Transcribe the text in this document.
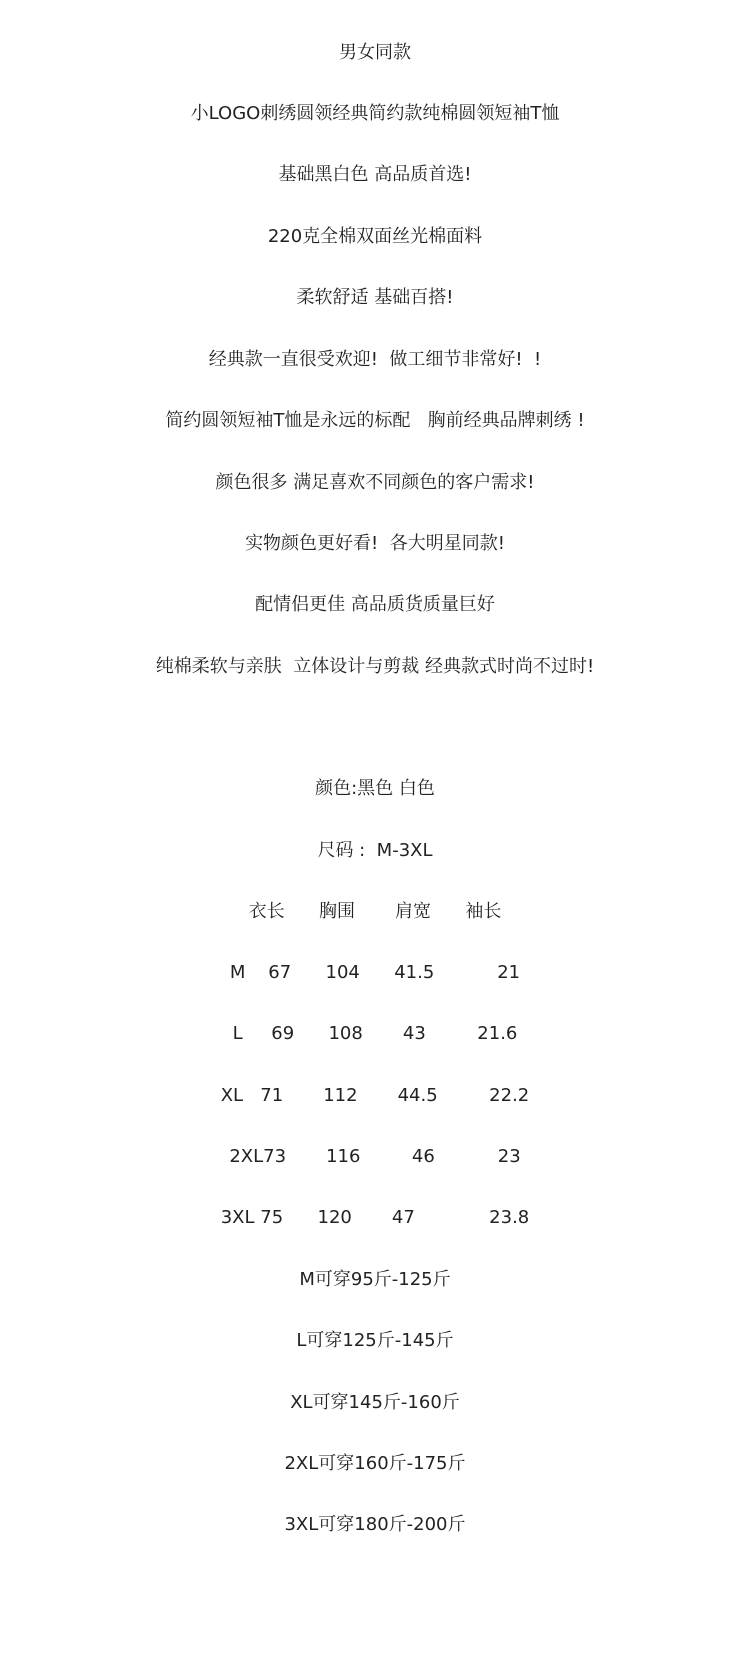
男女同款
小LOGO刺绣圆领经典简约款纯棉圆领短袖T恤
基础黑白色 高品质首选!
220克全棉双面丝光棉面料
柔软舒适 基础百搭!
经典款一直很受欢迎!  做工细节非常好!  !
简约圆领短袖T恤是永远的标配   胸前经典品牌刺绣 !
颜色很多 满足喜欢不同颜色的客户需求!
实物颜色更好看!  各大明星同款!
配情侣更佳 高品质货质量巨好
纯棉柔软与亲肤  立体设计与剪裁 经典款式时尚不过时!
颜色:黑色 白色
尺码 :  M-3XL
衣长      胸围       肩宽      袖长
M    67      104      41.5           21
L     69      108       43         21.6
XL   71       112       44.5         22.2
2XL73       116         46           23
3XL 75      120       47             23.8
M可穿95斤-125斤
L可穿125斤-145斤
XL可穿145斤-160斤
2XL可穿160斤-175斤
3XL可穿180斤-200斤
